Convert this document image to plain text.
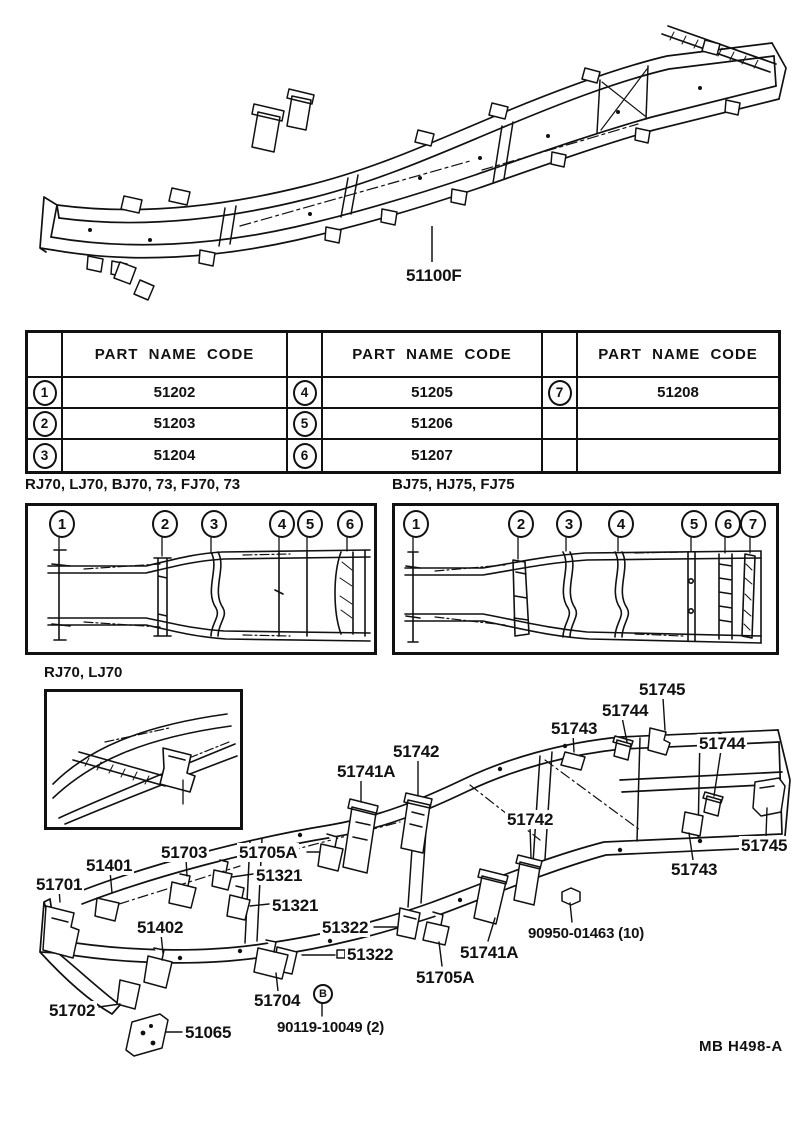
51100F
PART NAME CODE	PART NAME CODE	PART NAME CODE
1	51202	4	51205	7	51208
2	51203	5	51206
3	51204	6	51207
RJ70, LJ70, BJ70, 73, FJ70, 73	BJ75, HJ75, FJ75
1	2	3	4	5	6	1	2	3	4	5	6	7
RJ70, LJ70
51745
51744
51743
51744
51742
51741A
51742
51745
51743
51703 51705A
51401
51701	51321
51321
51402	51322
51322
90950-01463 (10)
51741A
51705A
51702
51704	B
90119-10049 (2)
51065
MB H498-A
